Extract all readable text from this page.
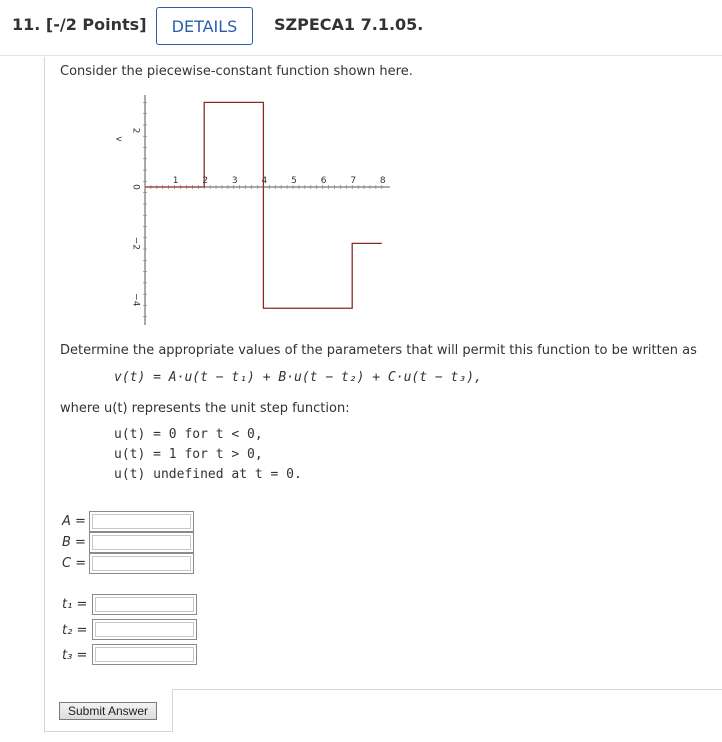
11. [-/2 Points]	DETAILS	SZPECA1 7.1.05.
Consider the piecewise-constant function shown here.
v
1	2	3	4	5	6	7	8
2
0
−2
−4
Determine the appropriate values of the parameters that will permit this function to be written as
v(t) = A·u(t − t₁) + B·u(t − t₂) + C·u(t − t₃),
where u(t) represents the unit step function:
u(t) = 0 for t < 0,
u(t) = 1 for t > 0,
u(t) undefined at t = 0.
A =
B =
C =
t₁ =
t₂ =
t₃ =
Submit Answer
